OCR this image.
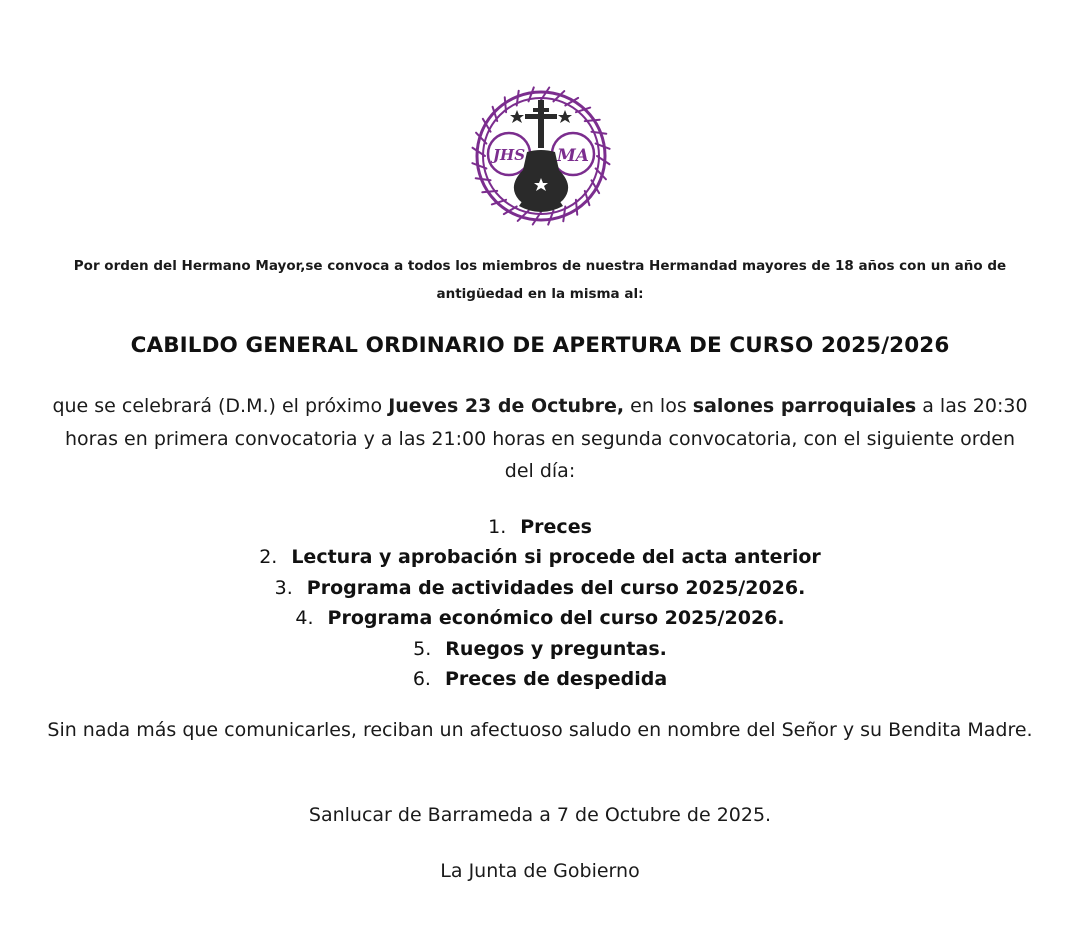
JHS MA
Por orden del Hermano Mayor,se convoca a todos los miembros de nuestra Hermandad mayores de 18 años con un año de antigüedad en la misma al:
CABILDO GENERAL ORDINARIO DE APERTURA DE CURSO 2025/2026
que se celebrará (D.M.) el próximo Jueves 23 de Octubre, en los salones parroquiales a las 20:30 horas en primera convocatoria y a las 21:00 horas en segunda convocatoria, con el siguiente orden del día:
1. Preces
2. Lectura y aprobación si procede del acta anterior
3. Programa de actividades del curso 2025/2026.
4. Programa económico del curso 2025/2026.
5. Ruegos y preguntas.
6. Preces de despedida
Sin nada más que comunicarles, reciban un afectuoso saludo en nombre del Señor y su Bendita Madre.
Sanlucar de Barrameda a 7 de Octubre de 2025.
La Junta de Gobierno
